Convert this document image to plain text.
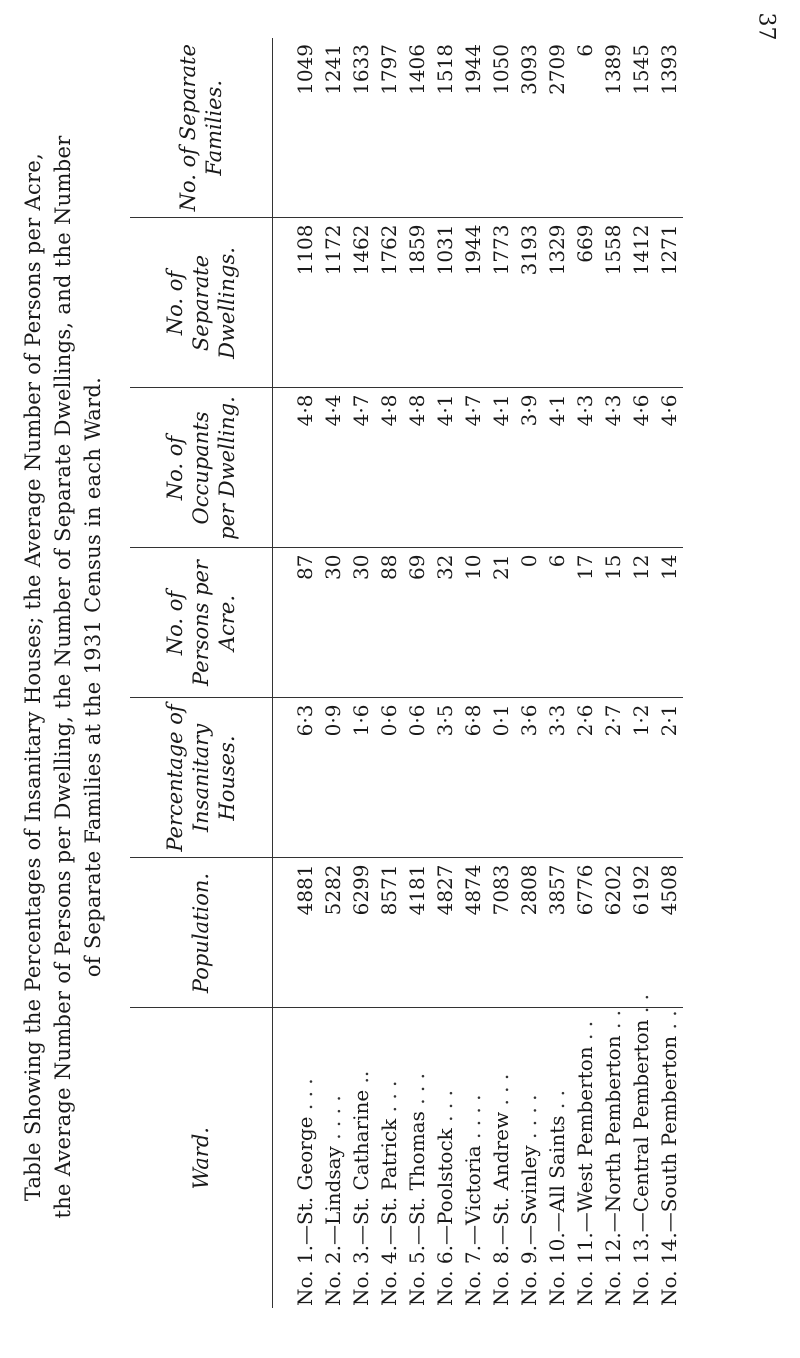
37
Table Showing the Percentages of Insanitary Houses; the Average Number of Persons per Acre, the Average Number of Persons per Dwelling, the Number of Separate Dwellings, and the Number of Separate Families at the 1931 Census in each Ward.
Ward.	Population.	Percentage of Insanitary Houses.	No. of Persons per Acre.	No. of Occupants per Dwelling.	No. of Separate Dwellings.	No. of Separate Families.
No. 1.—St. George . . .	4881	6·3	87	4·8	1108	1049
No. 2.—Lindsay . . . .	5282	0·9	30	4·4	1172	1241
No. 3.—St. Catharine ..	6299	1·6	30	4·7	1462	1633
No. 4.—St. Patrick . . .	8571	0·6	88	4·8	1762	1797
No. 5.—St. Thomas . . .	4181	0·6	69	4·8	1859	1406
No. 6.—Poolstock . . .	4827	3·5	32	4·1	1031	1518
No. 7.—Victoria . . . .	4874	6·8	10	4·7	1944	1944
No. 8.—St. Andrew . . .	7083	0·1	21	4·1	1773	1050
No. 9.—Swinley . . . .	2808	3·6	0	3·9	3193	3093
No. 10.—All Saints . .	3857	3·3	6	4·1	1329	2709
No. 11.—West Pemberton . .	6776	2·6	17	4·3	669	6
No. 12.—North Pemberton . .	6202	2·7	15	4·3	1558	1389
No. 13.—Central Pemberton . .	6192	1·2	12	4·6	1412	1545
No. 14.—South Pemberton . .	4508	2·1	14	4·6	1271	1393
